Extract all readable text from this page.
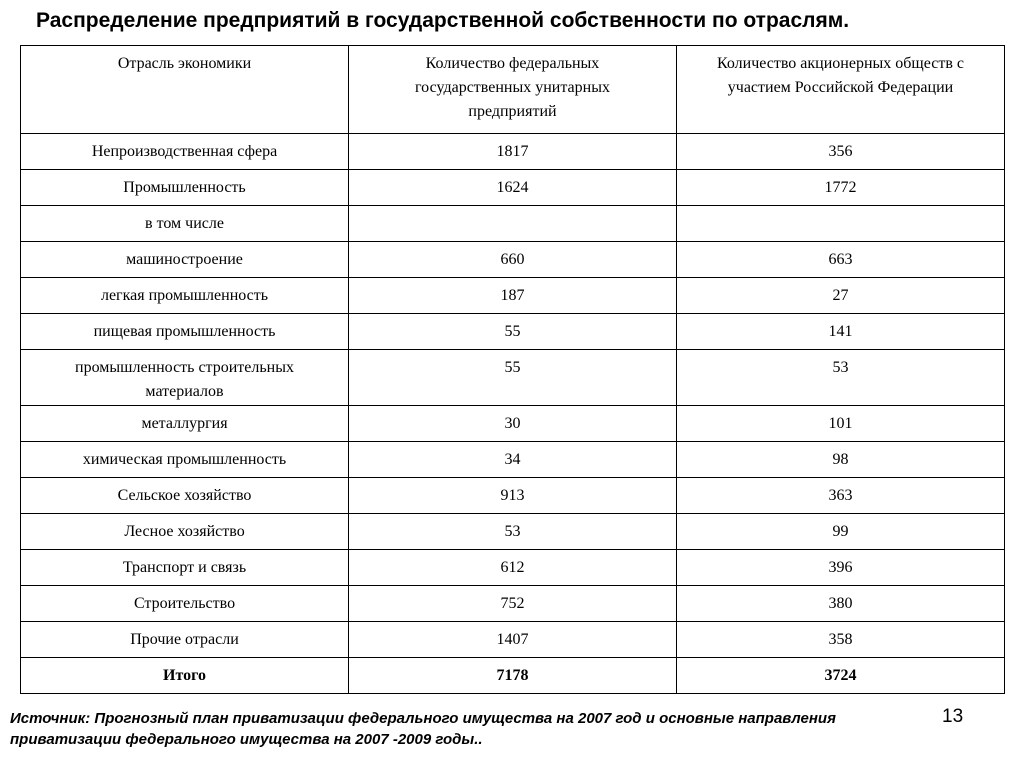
Распределение предприятий в государственной собственности по отраслям.
Отрасль экономики	Количество федеральных государственных унитарных предприятий	Количество акционерных обществ с участием Российской Федерации
Непроизводственная сфера	1817	356
Промышленность	1624	1772
в том числе		
машиностроение	660	663
легкая промышленность	187	27
пищевая промышленность	55	141
промышленность строительных материалов	55	53
металлургия	30	101
химическая промышленность	34	98
Сельское хозяйство	913	363
Лесное хозяйство	53	99
Транспорт и связь	612	396
Строительство	752	380
Прочие отрасли	1407	358
Итого	7178	3724
Источник: Прогнозный план приватизации федерального имущества на 2007 год и основные направления приватизации федерального имущества на 2007 -2009 годы..
13
